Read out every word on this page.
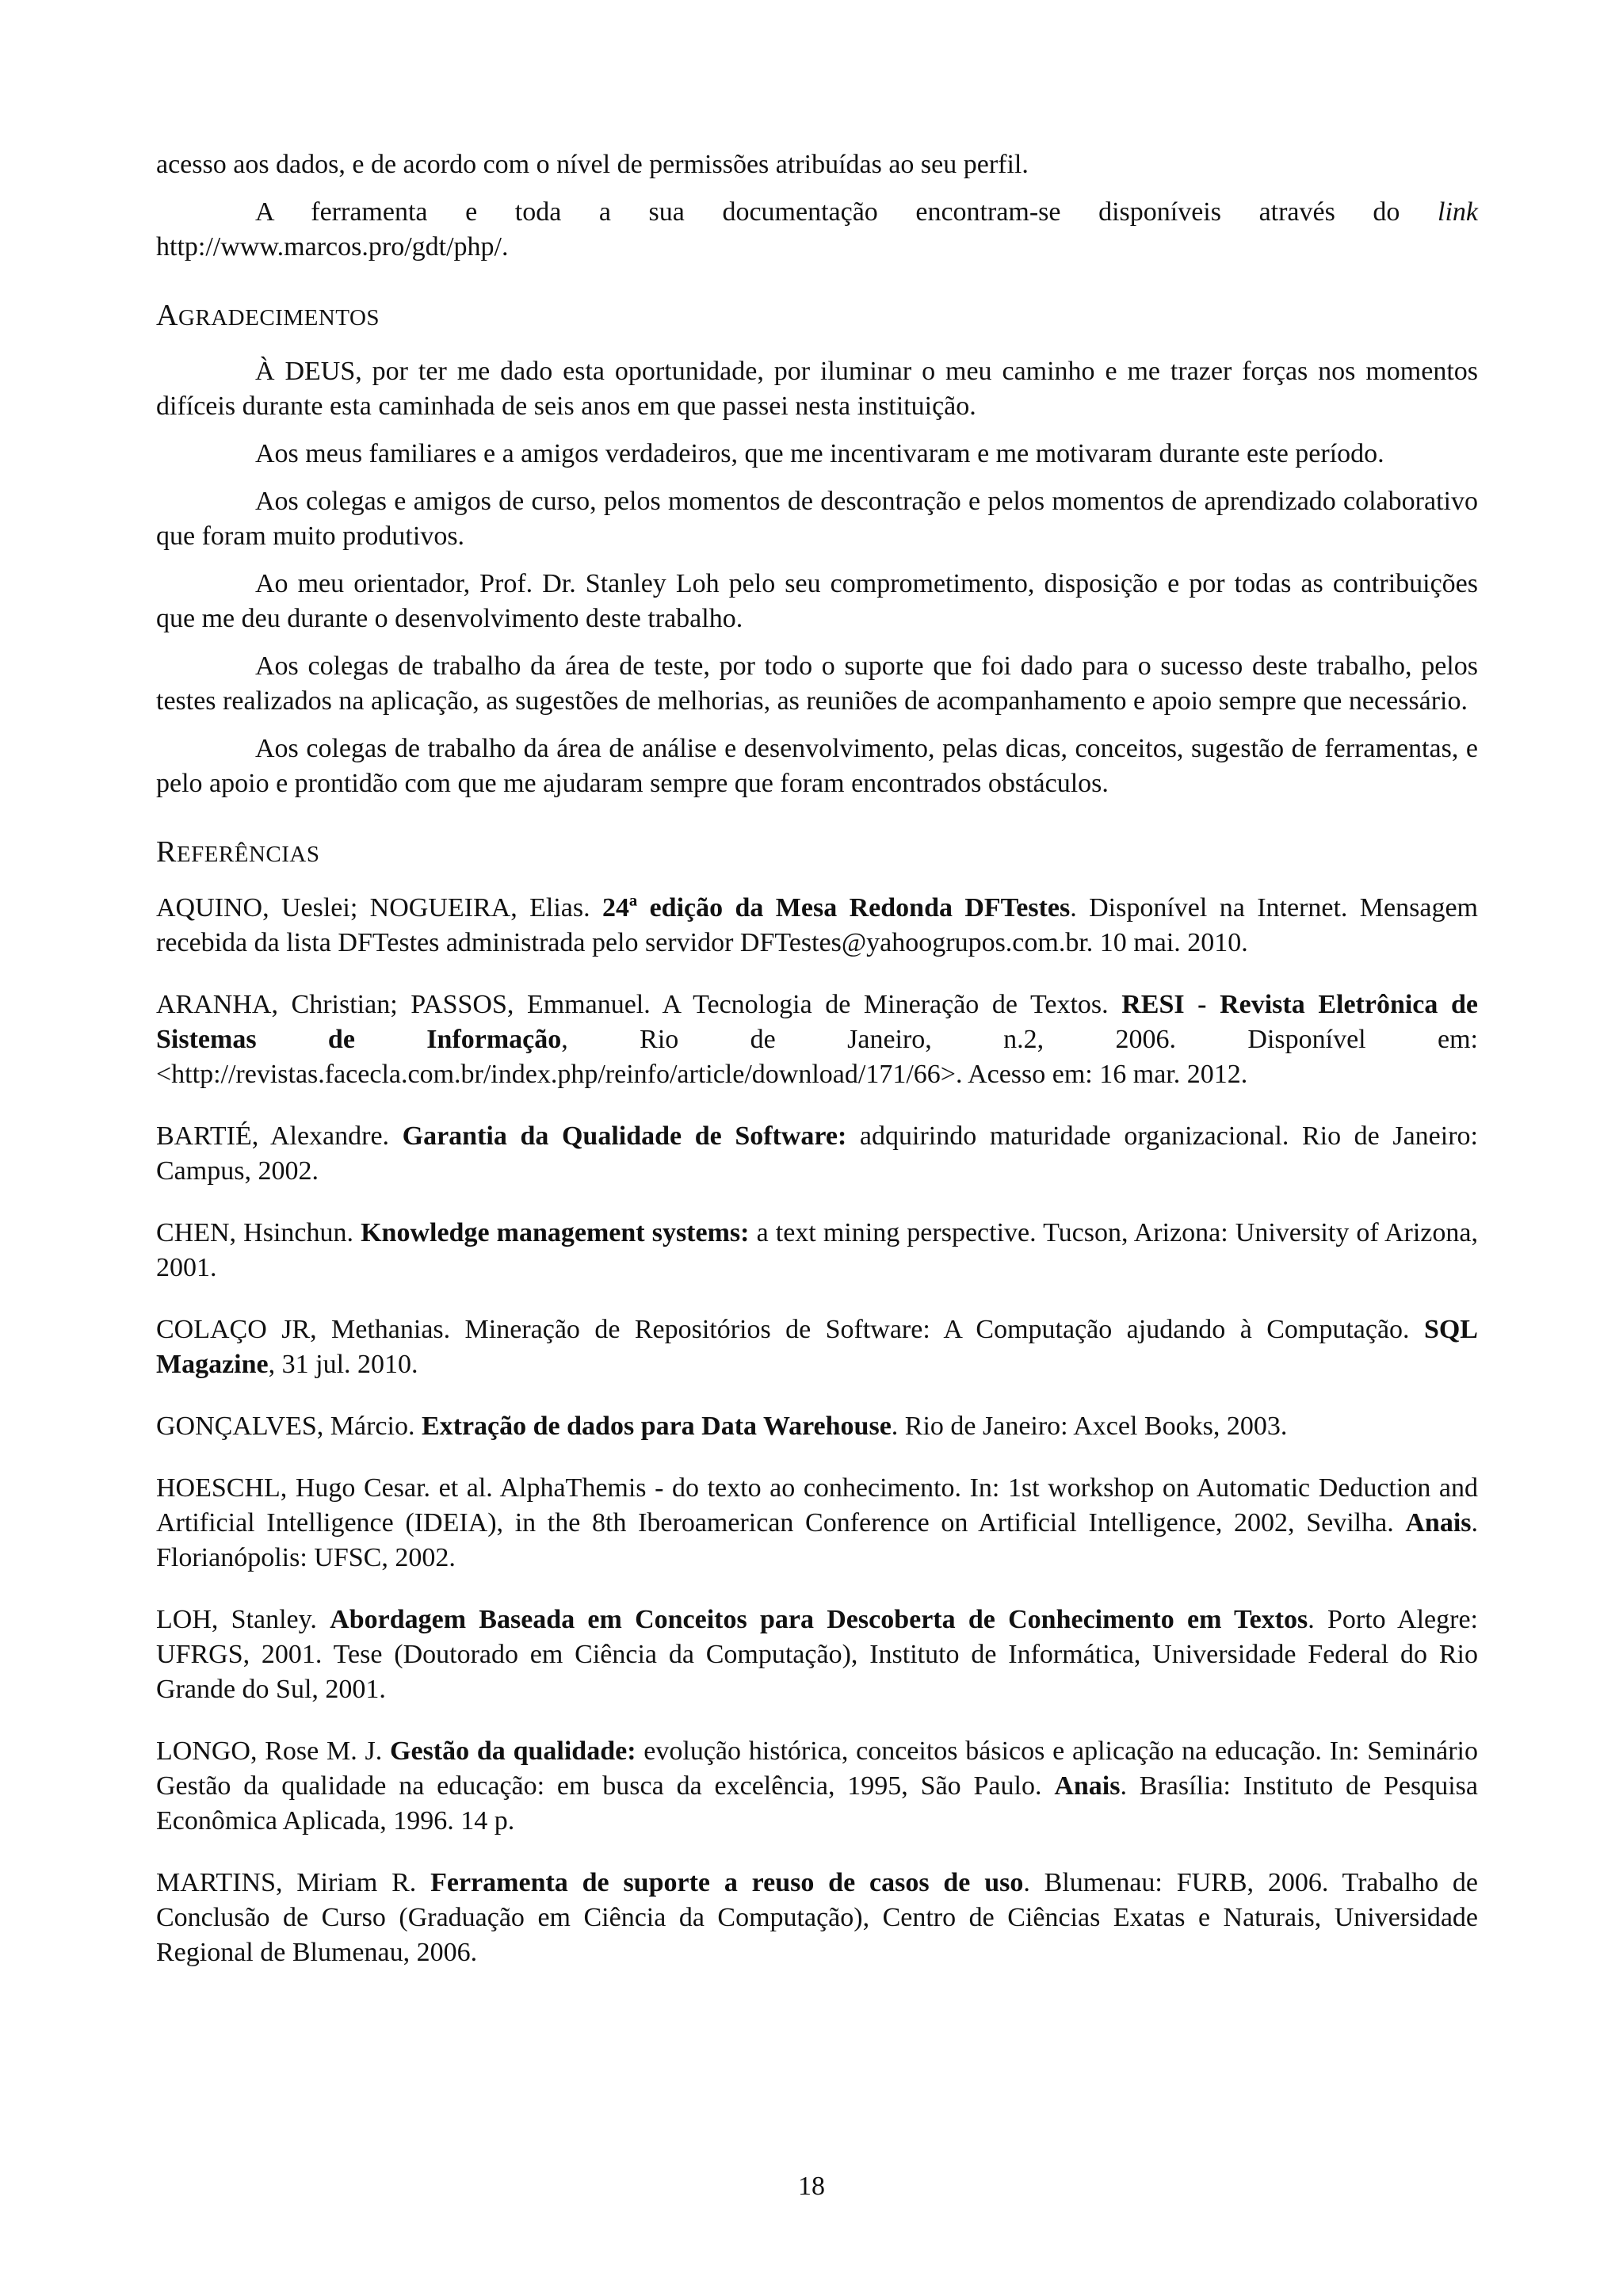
acesso aos dados, e de acordo com o nível de permissões atribuídas ao seu perfil.

A ferramenta e toda a sua documentação encontram-se disponíveis através do link http://www.marcos.pro/gdt/php/.

AGRADECIMENTOS

À DEUS, por ter me dado esta oportunidade, por iluminar o meu caminho e me trazer forças nos momentos difíceis durante esta caminhada de seis anos em que passei nesta instituição.

Aos meus familiares e a amigos verdadeiros, que me incentivaram e me motivaram durante este período.

Aos colegas e amigos de curso, pelos momentos de descontração e pelos momentos de aprendizado colaborativo que foram muito produtivos.

Ao meu orientador, Prof. Dr. Stanley Loh pelo seu comprometimento, disposição e por todas as contribuições que me deu durante o desenvolvimento deste trabalho.

Aos colegas de trabalho da área de teste, por todo o suporte que foi dado para o sucesso deste trabalho, pelos testes realizados na aplicação, as sugestões de melhorias, as reuniões de acompanhamento e apoio sempre que necessário.

Aos colegas de trabalho da área de análise e desenvolvimento, pelas dicas, conceitos, sugestão de ferramentas, e pelo apoio e prontidão com que me ajudaram sempre que foram encontrados obstáculos.

REFERÊNCIAS

AQUINO, Ueslei; NOGUEIRA, Elias. 24ª edição da Mesa Redonda DFTestes. Disponível na Internet. Mensagem recebida da lista DFTestes administrada pelo servidor DFTestes@yahoogrupos.com.br. 10 mai. 2010.

ARANHA, Christian; PASSOS, Emmanuel. A Tecnologia de Mineração de Textos. RESI - Revista Eletrônica de Sistemas de Informação, Rio de Janeiro, n.2, 2006. Disponível em: <http://revistas.facecla.com.br/index.php/reinfo/article/download/171/66>. Acesso em: 16 mar. 2012.

BARTIÉ, Alexandre. Garantia da Qualidade de Software: adquirindo maturidade organizacional. Rio de Janeiro: Campus, 2002.

CHEN, Hsinchun. Knowledge management systems: a text mining perspective. Tucson, Arizona: University of Arizona, 2001.

COLAÇO JR, Methanias. Mineração de Repositórios de Software: A Computação ajudando à Computação. SQL Magazine, 31 jul. 2010.

GONÇALVES, Márcio. Extração de dados para Data Warehouse. Rio de Janeiro: Axcel Books, 2003.

HOESCHL, Hugo Cesar. et al. AlphaThemis - do texto ao conhecimento. In: 1st workshop on Automatic Deduction and Artificial Intelligence (IDEIA), in the 8th Iberoamerican Conference on Artificial Intelligence, 2002, Sevilha. Anais. Florianópolis: UFSC, 2002.

LOH, Stanley. Abordagem Baseada em Conceitos para Descoberta de Conhecimento em Textos. Porto Alegre: UFRGS, 2001. Tese (Doutorado em Ciência da Computação), Instituto de Informática, Universidade Federal do Rio Grande do Sul, 2001.

LONGO, Rose M. J. Gestão da qualidade: evolução histórica, conceitos básicos e aplicação na educação. In: Seminário Gestão da qualidade na educação: em busca da excelência, 1995, São Paulo. Anais. Brasília: Instituto de Pesquisa Econômica Aplicada, 1996. 14 p.

MARTINS, Miriam R. Ferramenta de suporte a reuso de casos de uso. Blumenau: FURB, 2006. Trabalho de Conclusão de Curso (Graduação em Ciência da Computação), Centro de Ciências Exatas e Naturais, Universidade Regional de Blumenau, 2006.

18
